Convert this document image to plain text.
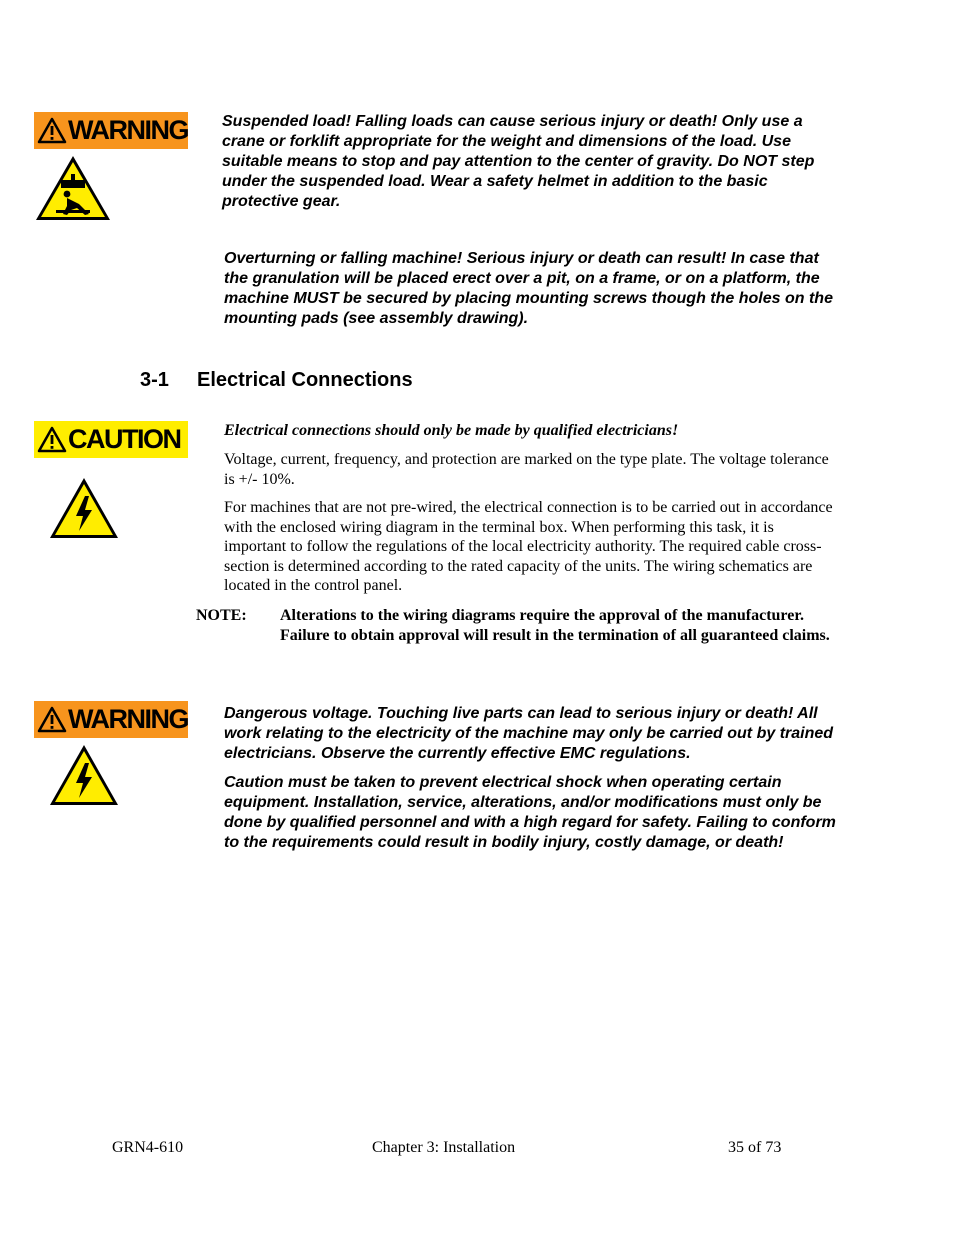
WARNING Suspended load! Falling loads can cause serious injury or death! Only use a crane or forklift appropriate for the weight and dimensions of the load. Use suitable means to stop and pay attention to the center of gravity. Do NOT step under the suspended load. Wear a safety helmet in addition to the basic protective gear.

Overturning or falling machine! Serious injury or death can result! In case that the granulation will be placed erect over a pit, on a frame, or on a platform, the machine MUST be secured by placing mounting screws though the holes on the mounting pads (see assembly drawing).

3-1 Electrical Connections
CAUTION	Electrical connections should only be made by qualified electricians!

Voltage, current, frequency, and protection are marked on the type plate. The voltage tolerance is +/- 10%.

For machines that are not pre-wired, the electrical connection is to be carried out in accordance with the enclosed wiring diagram in the terminal box. When performing this task, it is important to follow the regulations of the local electricity authority. The required cable cross-section is determined according to the rated capacity of the units. The wiring schematics are located in the control panel.

NOTE: Alterations to the wiring diagrams require the approval of the manufacturer. Failure to obtain approval will result in the termination of all guaranteed claims.
WARNING Dangerous voltage. Touching live parts can lead to serious injury or death! All work relating to the electricity of the machine may only be carried out by trained electricians. Observe the currently effective EMC regulations.

Caution must be taken to prevent electrical shock when operating certain equipment. Installation, service, alterations, and/or modifications must only be done by qualified personnel and with a high regard for safety. Failing to conform to the requirements could result in bodily injury, costly damage, or death!

GRN4-610	Chapter 3: Installation	35 of 73
